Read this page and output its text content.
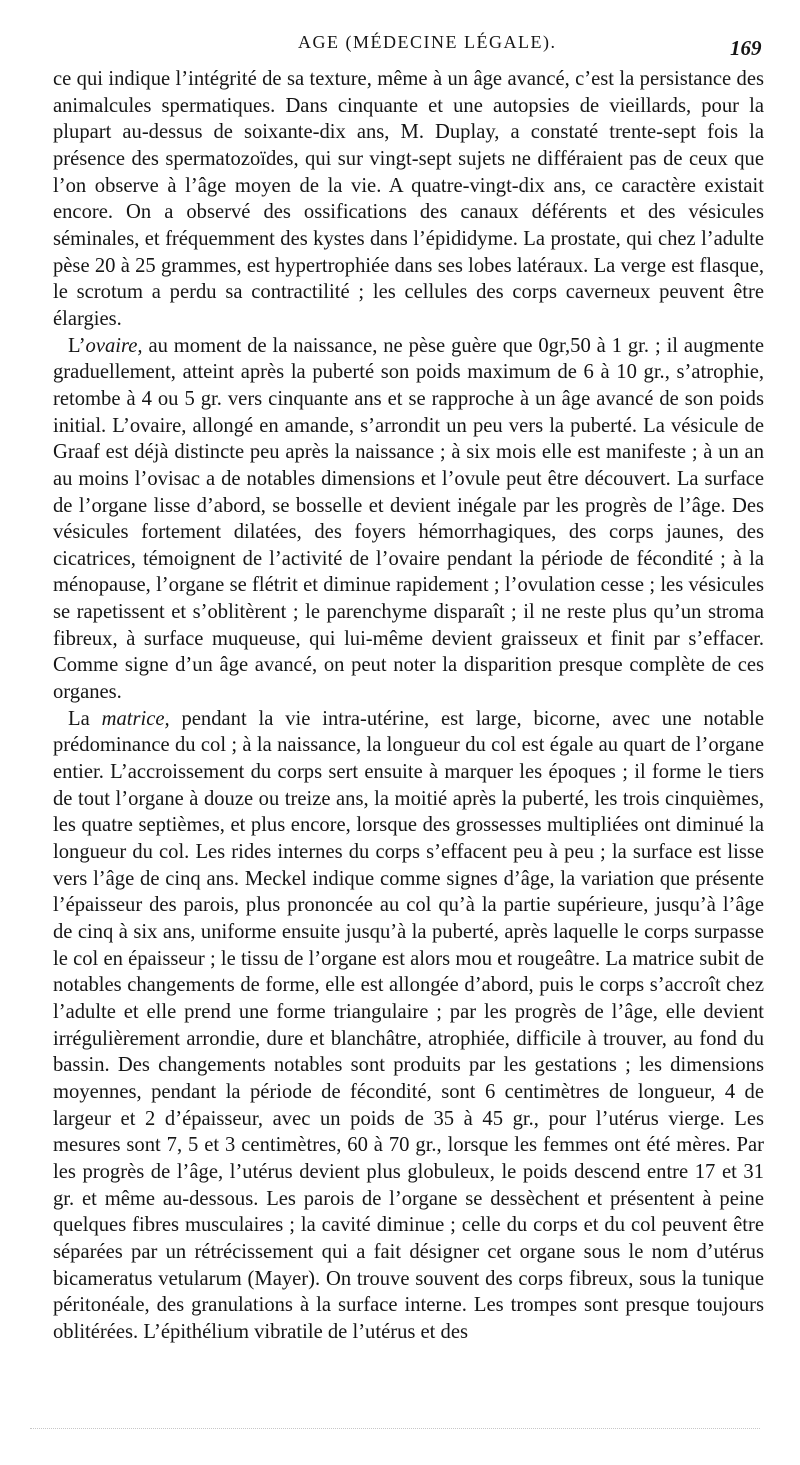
AGE (MÉDECINE LÉGALE).	169

ce qui indique l’intégrité de sa texture, même à un âge avancé, c’est la persistance des animalcules spermatiques. Dans cinquante et une autopsies de vieillards, pour la plupart au-dessus de soixante-dix ans, M. Duplay, a constaté trente-sept fois la présence des spermatozoïdes, qui sur vingt-sept sujets ne différaient pas de ceux que l’on observe à l’âge moyen de la vie. A quatre-vingt-dix ans, ce caractère existait encore. On a observé des ossifications des canaux déférents et des vésicules séminales, et fréquemment des kystes dans l’épididyme. La prostate, qui chez l’adulte pèse 20 à 25 grammes, est hypertrophiée dans ses lobes latéraux. La verge est flasque, le scrotum a perdu sa contractilité ; les cellules des corps caverneux peuvent être élargies.

L’ovaire, au moment de la naissance, ne pèse guère que 0gr,50 à 1 gr. ; il augmente graduellement, atteint après la puberté son poids maximum de 6 à 10 gr., s’atrophie, retombe à 4 ou 5 gr. vers cinquante ans et se rapproche à un âge avancé de son poids initial. L’ovaire, allongé en amande, s’arrondit un peu vers la puberté. La vésicule de Graaf est déjà distincte peu après la naissance ; à six mois elle est manifeste ; à un an au moins l’ovisac a de notables dimensions et l’ovule peut être découvert. La surface de l’organe lisse d’abord, se bosselle et devient inégale par les progrès de l’âge. Des vésicules fortement dilatées, des foyers hémorrhagiques, des corps jaunes, des cicatrices, témoignent de l’activité de l’ovaire pendant la période de fécondité ; à la ménopause, l’organe se flétrit et diminue rapidement ; l’ovulation cesse ; les vésicules se rapetissent et s’oblitèrent ; le parenchyme disparaît ; il ne reste plus qu’un stroma fibreux, à surface muqueuse, qui lui-même devient graisseux et finit par s’effacer. Comme signe d’un âge avancé, on peut noter la disparition presque complète de ces organes.

La matrice, pendant la vie intra-utérine, est large, bicorne, avec une notable prédominance du col ; à la naissance, la longueur du col est égale au quart de l’organe entier. L’accroissement du corps sert ensuite à marquer les époques ; il forme le tiers de tout l’organe à douze ou treize ans, la moitié après la puberté, les trois cinquièmes, les quatre septièmes, et plus encore, lorsque des grossesses multipliées ont diminué la longueur du col. Les rides internes du corps s’effacent peu à peu ; la surface est lisse vers l’âge de cinq ans. Meckel indique comme signes d’âge, la variation que présente l’épaisseur des parois, plus prononcée au col qu’à la partie supérieure, jusqu’à l’âge de cinq à six ans, uniforme ensuite jusqu’à la puberté, après laquelle le corps surpasse le col en épaisseur ; le tissu de l’organe est alors mou et rougeâtre. La matrice subit de notables changements de forme, elle est allongée d’abord, puis le corps s’accroît chez l’adulte et elle prend une forme triangulaire ; par les progrès de l’âge, elle devient irrégulièrement arrondie, dure et blanchâtre, atrophiée, difficile à trouver, au fond du bassin. Des changements notables sont produits par les gestations ; les dimensions moyennes, pendant la période de fécondité, sont 6 centimètres de longueur, 4 de largeur et 2 d’épaisseur, avec un poids de 35 à 45 gr., pour l’utérus vierge. Les mesures sont 7, 5 et 3 centimètres, 60 à 70 gr., lorsque les femmes ont été mères. Par les progrès de l’âge, l’utérus devient plus globuleux, le poids descend entre 17 et 31 gr. et même au-dessous. Les parois de l’organe se dessèchent et présentent à peine quelques fibres musculaires ; la cavité diminue ; celle du corps et du col peuvent être séparées par un rétrécissement qui a fait désigner cet organe sous le nom d’utérus bicameratus vetularum (Mayer). On trouve souvent des corps fibreux, sous la tunique péritonéale, des granulations à la surface interne. Les trompes sont presque toujours oblitérées. L’épithélium vibratile de l’utérus et des
